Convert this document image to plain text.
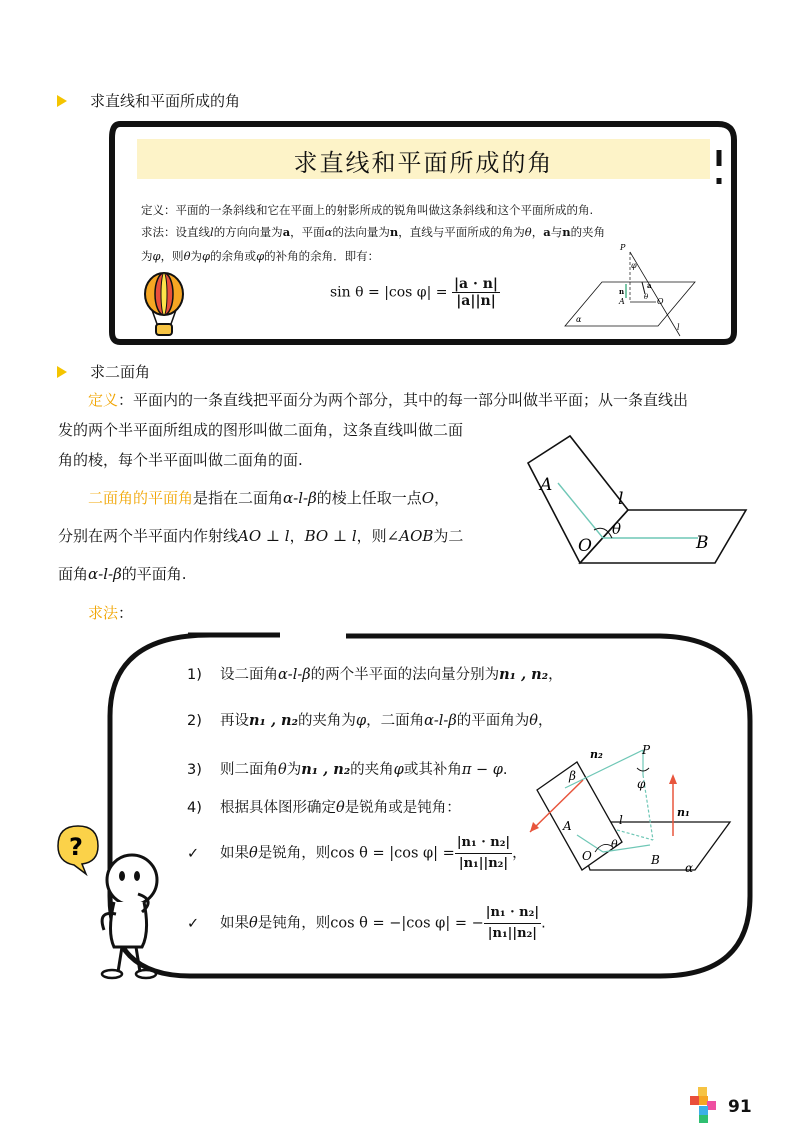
求直线和平面所成的角
求直线和平面所成的角
定义：平面的一条斜线和它在平面上的射影所成的锐角叫做这条斜线和这个平面所成的角.
求法：设直线l的方向向量为a，平面α的法向量为n，直线与平面所成的角为θ，a与n的夹角
为φ，则θ为φ的余角或φ的补角的余角．即有：
sin θ = |cos $\varphi| = \frac{|a \cdot n|}{|a||n|}$
P
φ
n
a
A	θ O
α
l
求二面角
定义：平面内的一条直线把平面分为两个部分，其中的每一部分叫做半平面；从一条直线出
发的两个半平面所组成的图形叫做二面角，这条直线叫做二面
角的棱，每个半平面叫做二面角的面.
二面角的平面角是指在二面角α-l-β的棱上任取一点O，
分别在两个半平面内作射线AO ⊥ l，BO ⊥ l，则∠AOB为二
面角α-l-β的平面角.
A
l
O
θ
B
求法：
1) 设二面角α-l-β的两个半平面的法向量分别为n₁ , n₂，
2) 再设n₁ , n₂的夹角为φ，二面角α-l-β的平面角为θ，
3) 则二面角θ为n₁ , n₂的夹角φ或其补角π − φ.
4) 根据具体图形确定θ是锐角或是钝角：
✓ 如果θ是锐角，则cos θ = |cos $\varphi| = \frac{\text{|n₁ · n₂|}}{\text{|n₁||n₂|}}$ ，
✓ 如果θ是钝角，则cos θ = −|cos φ| = − $\frac{\text{|n₁ · n₂|}}{\text{|n₁||n₂|}}$ .
n₂	P
β
φ
n₁
A	l
O
θ
B
α
?
91
